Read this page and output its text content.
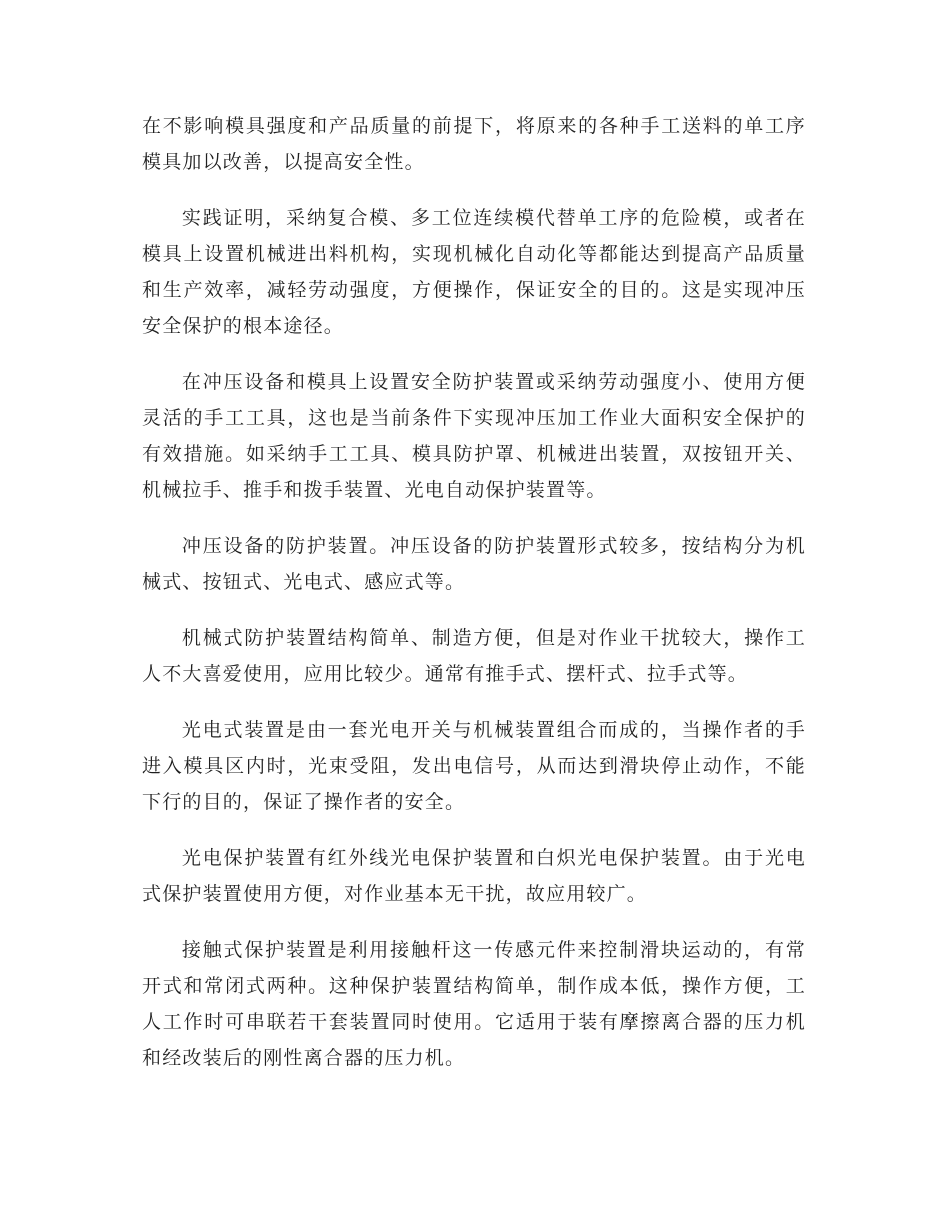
在不影响模具强度和产品质量的前提下，将原来的各种手工送料的单工序模具加以改善，以提高安全性。

实践证明，采纳复合模、多工位连续模代替单工序的危险模，或者在模具上设置机械进出料机构，实现机械化自动化等都能达到提高产品质量和生产效率，减轻劳动强度，方便操作，保证安全的目的。这是实现冲压安全保护的根本途径。

在冲压设备和模具上设置安全防护装置或采纳劳动强度小、使用方便灵活的手工工具，这也是当前条件下实现冲压加工作业大面积安全保护的有效措施。如采纳手工工具、模具防护罩、机械进出装置，双按钮开关、机械拉手、推手和拨手装置、光电自动保护装置等。

冲压设备的防护装置。冲压设备的防护装置形式较多，按结构分为机械式、按钮式、光电式、感应式等。

机械式防护装置结构简单、制造方便，但是对作业干扰较大，操作工人不大喜爱使用，应用比较少。通常有推手式、摆杆式、拉手式等。

光电式装置是由一套光电开关与机械装置组合而成的，当操作者的手进入模具区内时，光束受阻，发出电信号，从而达到滑块停止动作，不能下行的目的，保证了操作者的安全。

光电保护装置有红外线光电保护装置和白炽光电保护装置。由于光电式保护装置使用方便，对作业基本无干扰，故应用较广。

接触式保护装置是利用接触杆这一传感元件来控制滑块运动的，有常开式和常闭式两种。这种保护装置结构简单，制作成本低，操作方便，工人工作时可串联若干套装置同时使用。它适用于装有摩擦离合器的压力机和经改装后的刚性离合器的压力机。
